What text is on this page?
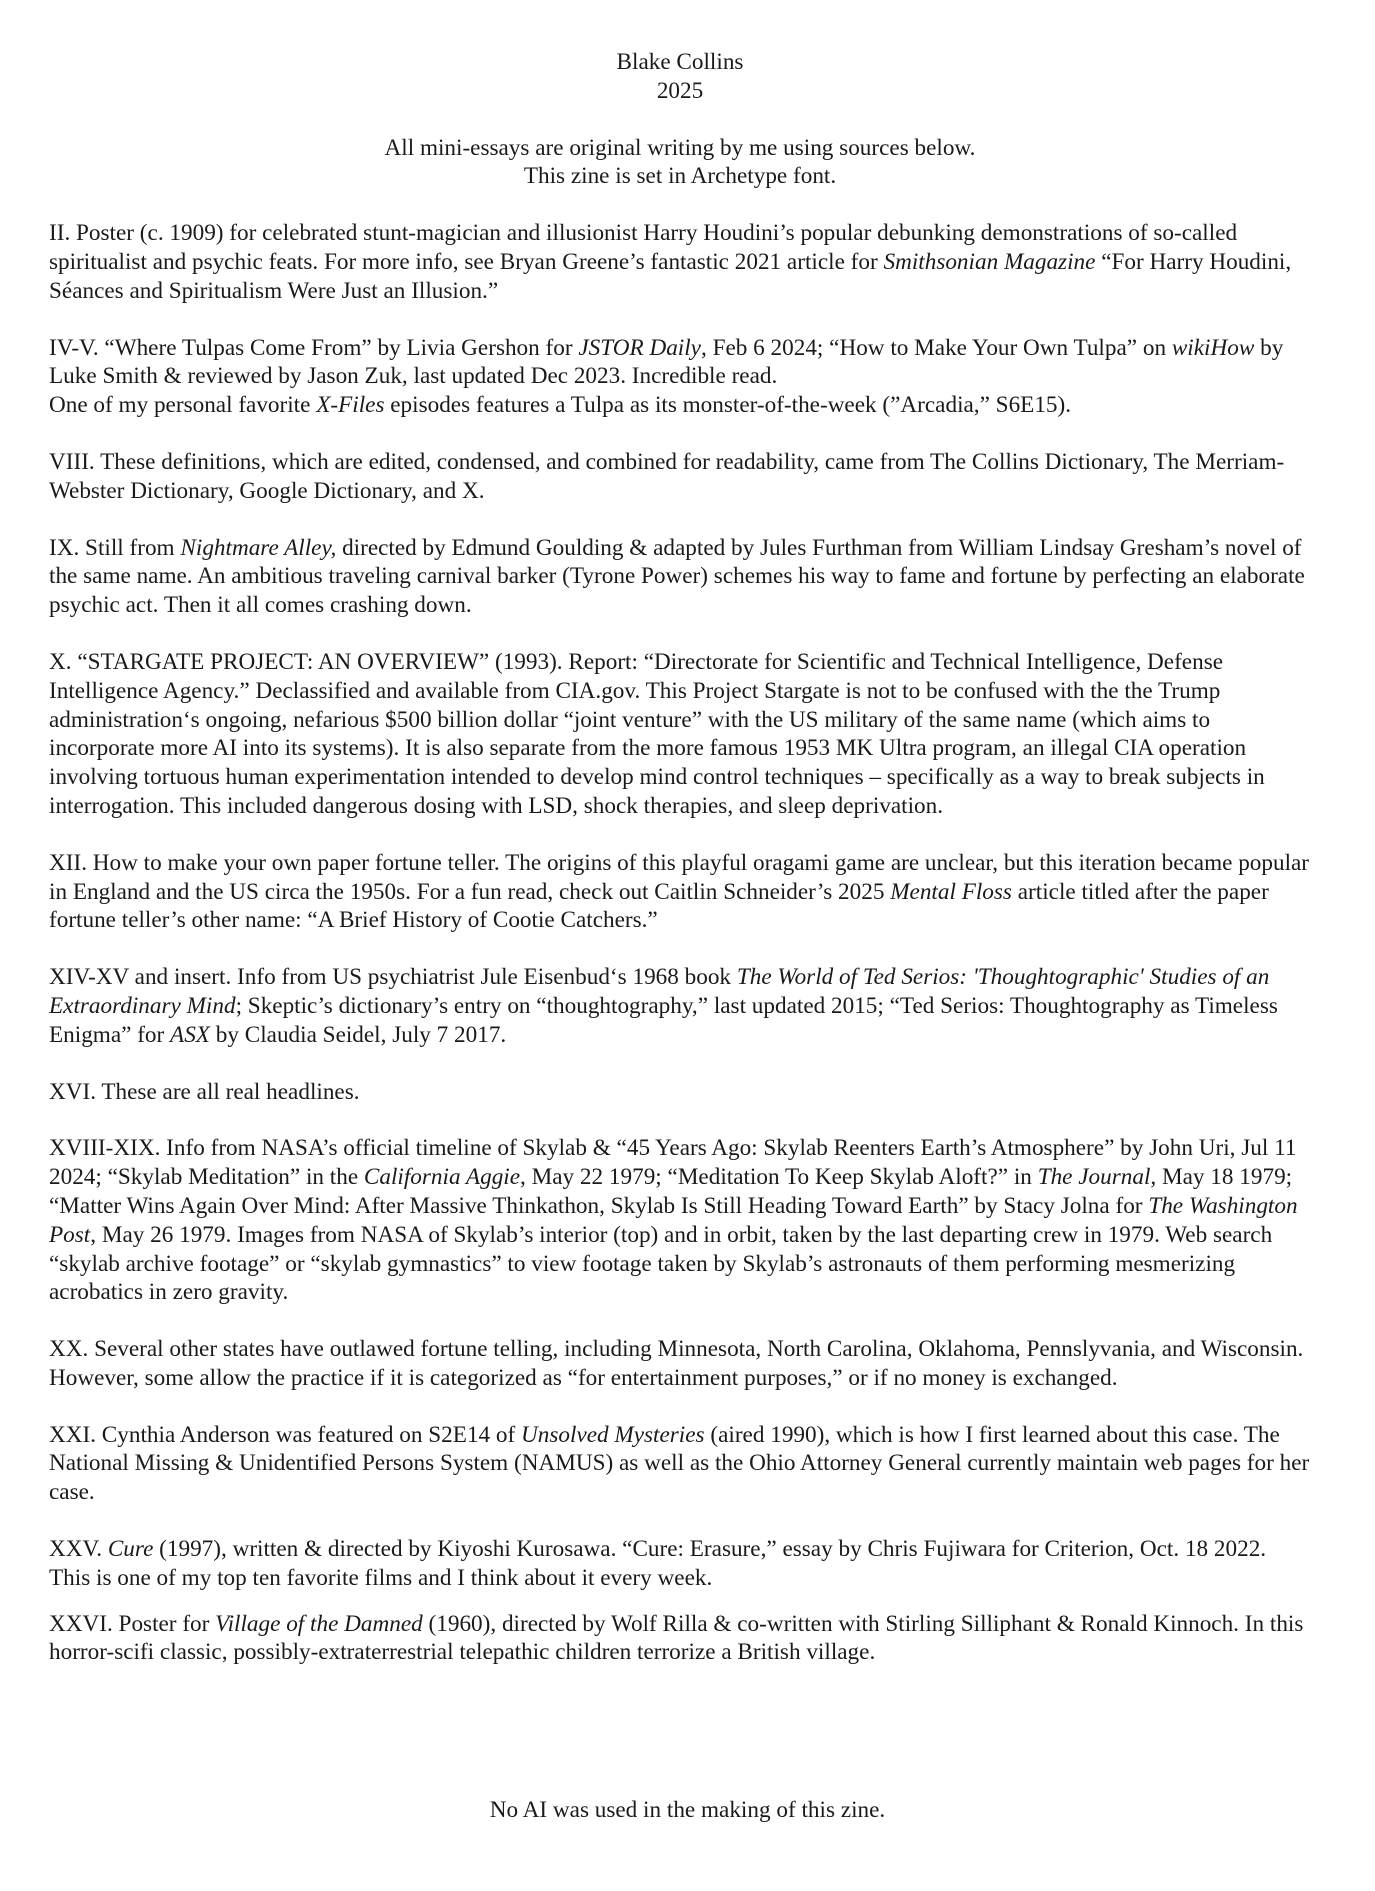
Blake Collins

2025

All mini-essays are original writing by me using sources below.

This zine is set in Archetype font.

II. Poster (c. 1909) for celebrated stunt-magician and illusionist Harry Houdini’s popular debunking demonstrations of so-called spiritualist and psychic feats. For more info, see Bryan Greene’s fantastic 2021 article for Smithsonian Magazine “For Harry Houdini, Séances and Spiritualism Were Just an Illusion.”

IV-V. “Where Tulpas Come From” by Livia Gershon for JSTOR Daily, Feb 6 2024; “How to Make Your Own Tulpa” on wikiHow by Luke Smith & reviewed by Jason Zuk, last updated Dec 2023. Incredible read.
One of my personal favorite X-Files episodes features a Tulpa as its monster-of-the-week (”Arcadia,” S6E15).

VIII. These definitions, which are edited, condensed, and combined for readability, came from The Collins Dictionary, The Merriam- Webster Dictionary, Google Dictionary, and X.

IX. Still from Nightmare Alley, directed by Edmund Goulding & adapted by Jules Furthman from William Lindsay Gresham’s novel of the same name. An ambitious traveling carnival barker (Tyrone Power) schemes his way to fame and fortune by perfecting an elaborate psychic act. Then it all comes crashing down.

X. “STARGATE PROJECT: AN OVERVIEW” (1993). Report: “Directorate for Scientific and Technical Intelligence, Defense Intelligence Agency.” Declassified and available from CIA.gov. This Project Stargate is not to be confused with the the Trump administration‘s ongoing, nefarious $500 billion dollar “joint venture” with the US military of the same name (which aims to incorporate more AI into its systems). It is also separate from the more famous 1953 MK Ultra program, an illegal CIA operation involving tortuous human experimentation intended to develop mind control techniques – specifically as a way to break subjects in interrogation. This included dangerous dosing with LSD, shock therapies, and sleep deprivation.

XII. How to make your own paper fortune teller. The origins of this playful oragami game are unclear, but this iteration became popular in England and the US circa the 1950s. For a fun read, check out Caitlin Schneider’s 2025 Mental Floss article titled after the paper fortune teller’s other name: “A Brief History of Cootie Catchers.”

XIV-XV and insert. Info from US psychiatrist Jule Eisenbud‘s 1968 book The World of Ted Serios: 'Thoughtographic' Studies of an Extraordinary Mind; Skeptic’s dictionary’s entry on “thoughtography,” last updated 2015; “Ted Serios: Thoughtography as Timeless Enigma” for ASX by Claudia Seidel, July 7 2017.

XVI. These are all real headlines.

XVIII-XIX. Info from NASA’s official timeline of Skylab & “45 Years Ago: Skylab Reenters Earth’s Atmosphere” by John Uri, Jul 11 2024; “Skylab Meditation” in the California Aggie, May 22 1979; “Meditation To Keep Skylab Aloft?” in The Journal, May 18 1979; “Matter Wins Again Over Mind: After Massive Thinkathon, Skylab Is Still Heading Toward Earth” by Stacy Jolna for The Washington Post, May 26 1979. Images from NASA of Skylab’s interior (top) and in orbit, taken by the last departing crew in 1979. Web search “skylab archive footage” or “skylab gymnastics” to view footage taken by Skylab’s astronauts of them performing mesmerizing acrobatics in zero gravity.

XX. Several other states have outlawed fortune telling, including Minnesota, North Carolina, Oklahoma, Pennslyvania, and Wisconsin. However, some allow the practice if it is categorized as “for entertainment purposes,” or if no money is exchanged.

XXI. Cynthia Anderson was featured on S2E14 of Unsolved Mysteries (aired 1990), which is how I first learned about this case. The National Missing & Unidentified Persons System (NAMUS) as well as the Ohio Attorney General currently maintain web pages for her case.

XXV. Cure (1997), written & directed by Kiyoshi Kurosawa. “Cure: Erasure,” essay by Chris Fujiwara for Criterion, Oct. 18 2022. This is one of my top ten favorite films and I think about it every week.

XXVI. Poster for Village of the Damned (1960), directed by Wolf Rilla & co-written with Stirling Silliphant & Ronald Kinnoch. In this horror-scifi classic, possibly-extraterrestrial telepathic children terrorize a British village.

No AI was used in the making of this zine.
